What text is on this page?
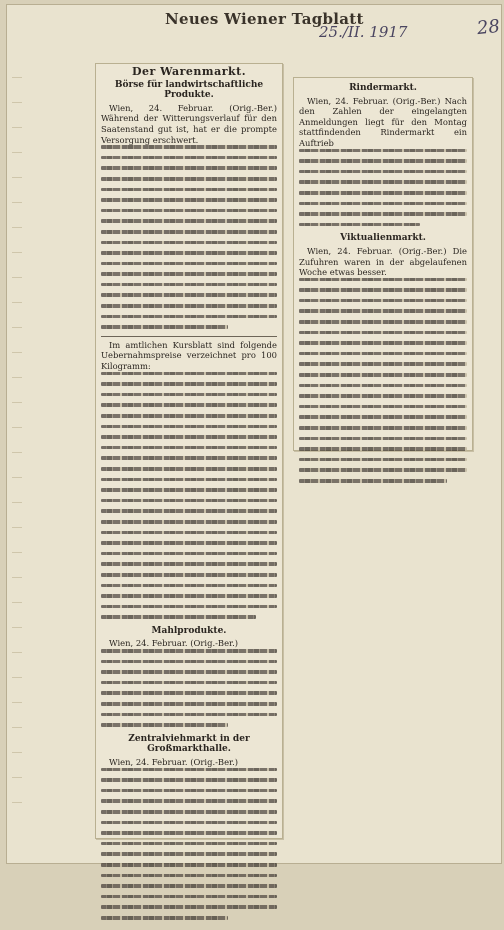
Neues Wiener Tagblatt
25./II. 1917	28
Der Warenmarkt.
Börse für landwirtschaftliche Produkte.

Wien, 24. Februar. (Orig.-Ber.) Während der Witterungsverlauf für den Saatenstand gut ist, hat er die prompte Versorgung erschwert.

Im amtlichen Kursblatt sind folgende Uebernahmspreise verzeichnet pro 100 Kilogramm:

Mahlprodukte.

Wien, 24. Februar. (Orig.-Ber.)

Zentralviehmarkt in der Großmarkthalle.

Wien, 24. Februar. (Orig.-Ber.)

Rindermarkt.

Wien, 24. Februar. (Orig.-Ber.) Nach den Zahlen der eingelangten Anmeldungen liegt für den Montag stattfindenden Rindermarkt ein Auftrieb

Viktualienmarkt.

Wien, 24. Februar. (Orig.-Ber.) Die Zufuhren waren in der abgelaufenen Woche etwas besser.
